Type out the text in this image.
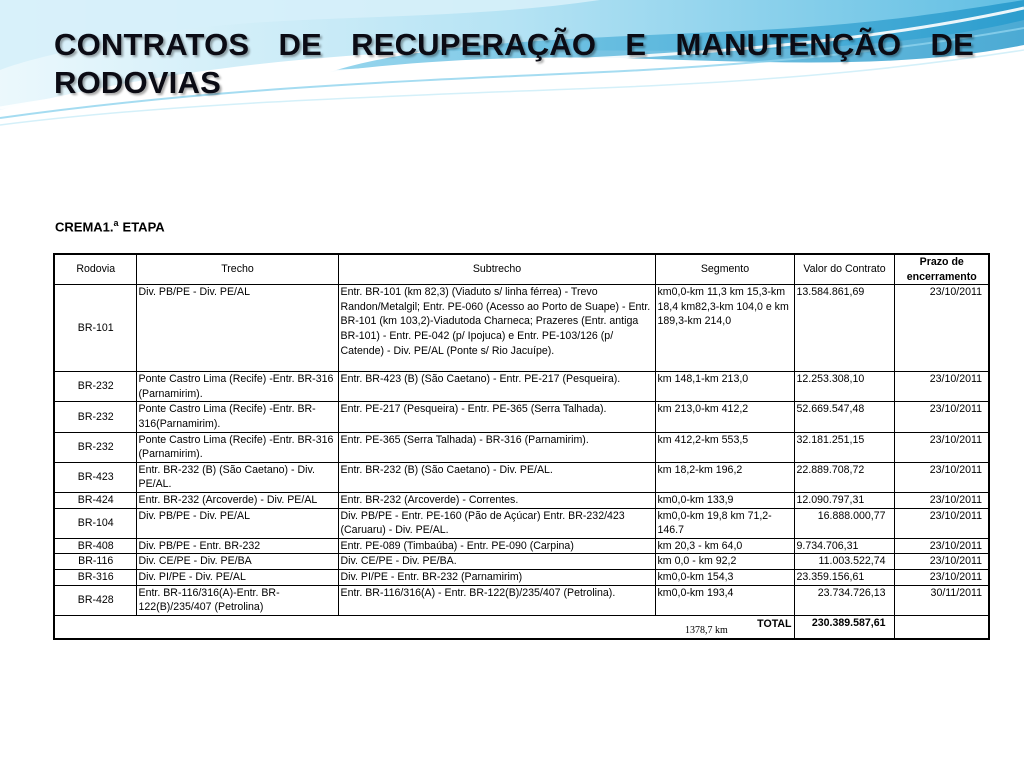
CONTRATOS DE RECUPERAÇÃO E MANUTENÇÃO DE RODOVIAS
CREMA1.$^a$ ETAPA
Rodovia	Trecho	Subtrecho	Segmento	Valor do Contrato	Prazo de encerramento
BR-101	Div. PB/PE - Div. PE/AL	Entr. BR-101 (km 82,3) (Viaduto s/ linha férrea) - Trevo Randon/Metalgil; Entr. PE-060 (Acesso ao Porto de Suape) - Entr. BR-101 (km 103,2)-Viadutoda Charneca; Prazeres (Entr. antiga BR-101) - Entr. PE-042 (p/ Ipojuca) e Entr. PE-103/126 (p/ Catende) - Div. PE/AL (Ponte s/ Rio Jacuípe).	km0,0-km 11,3 km 15,3-km 18,4 km82,3-km 104,0 e km 189,3-km 214,0	13.584.861,69	23/10/2011
BR-232	Ponte Castro Lima (Recife) -Entr. BR-316 (Parnamirim).	Entr. BR-423 (B) (São Caetano) - Entr. PE-217 (Pesqueira).	km 148,1-km 213,0	12.253.308,10	23/10/2011
BR-232	Ponte Castro Lima (Recife) -Entr. BR-316(Parnamirim).	Entr. PE-217 (Pesqueira) - Entr. PE-365 (Serra Talhada).	km 213,0-km 412,2	52.669.547,48	23/10/2011
BR-232	Ponte Castro Lima (Recife) -Entr. BR-316 (Parnamirim).	Entr. PE-365 (Serra Talhada) - BR-316 (Parnamirim).	km 412,2-km 553,5	32.181.251,15	23/10/2011
BR-423	Entr. BR-232 (B) (São Caetano) - Div. PE/AL.	Entr. BR-232 (B) (São Caetano) - Div. PE/AL.	km 18,2-km 196,2	22.889.708,72	23/10/2011
BR-424	Entr. BR-232 (Arcoverde) - Div. PE/AL	Entr. BR-232 (Arcoverde) - Correntes.	km0,0-km 133,9	12.090.797,31	23/10/2011
BR-104	Div. PB/PE - Div. PE/AL	Div. PB/PE - Entr. PE-160 (Pão de Açúcar) Entr. BR-232/423 (Caruaru) - Div. PE/AL.	km0,0-km 19,8 km 71,2-146.7	16.888.000,77	23/10/2011
BR-408	Div. PB/PE - Entr. BR-232	Entr. PE-089 (Timbaúba) - Entr. PE-090 (Carpina)	km 20,3 - km 64,0	9.734.706,31	23/10/2011
BR-116	Div. CE/PE - Div. PE/BA	Div. CE/PE - Div. PE/BA.	km 0,0 - km 92,2	11.003.522,74	23/10/2011
BR-316	Div. PI/PE - Div. PE/AL	Div. PI/PE - Entr. BR-232 (Parnamirim)	km0,0-km 154,3	23.359.156,61	23/10/2011
BR-428	Entr. BR-116/316(A)-Entr. BR-122(B)/235/407 (Petrolina)	Entr. BR-116/316(A) - Entr. BR-122(B)/235/407 (Petrolina).	km0,0-km 193,4	23.734.726,13	30/11/2011

1378,7 km
TOTAL				230.389.587,61	
